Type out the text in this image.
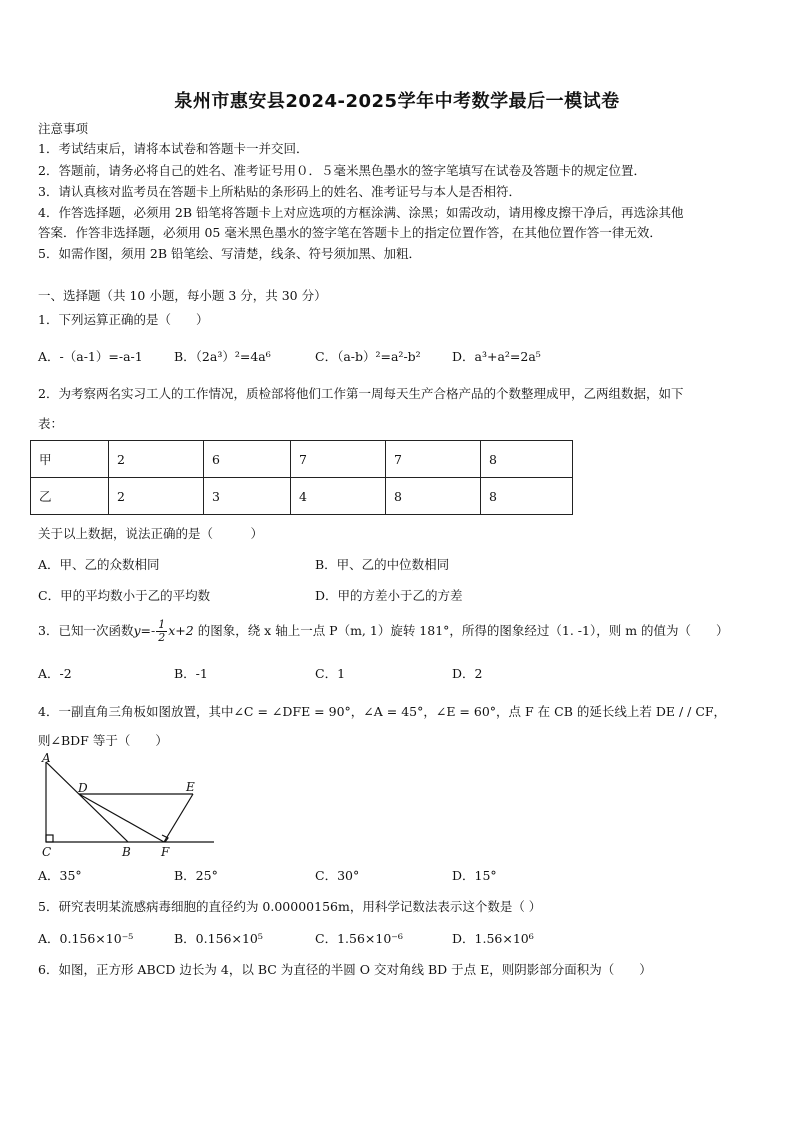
泉州市惠安县2024-2025学年中考数学最后一模试卷
注意事项
1．考试结束后，请将本试卷和答题卡一并交回．
2．答题前，请务必将自己的姓名、准考证号用０．５毫米黑色墨水的签字笔填写在试卷及答题卡的规定位置．
3．请认真核对监考员在答题卡上所粘贴的条形码上的姓名、准考证号与本人是否相符．
4．作答选择题，必须用 2B 铅笔将答题卡上对应选项的方框涂满、涂黑；如需改动，请用橡皮擦干净后，再选涂其他
答案．作答非选择题，必须用 05 毫米黑色墨水的签字笔在答题卡上的指定位置作答，在其他位置作答一律无效．
5．如需作图，须用 2B 铅笔绘、写清楚，线条、符号须加黑、加粗．
一、选择题（共 10 小题，每小题 3 分，共 30 分）
1．下列运算正确的是（　　）
A．-（a-1）=-a-1	B．（2a³）²=4a⁶	C．（a-b）²=a²-b²	D．a³+a²=2a⁵
2．为考察两名实习工人的工作情况，质检部将他们工作第一周每天生产合格产品的个数整理成甲，乙两组数据，如下
表：
甲	2	6	7	7	8
乙	2	3	4	8	8
关于以上数据，说法正确的是（　　　）
A．甲、乙的众数相同	B．甲、乙的中位数相同
C．甲的平均数小于乙的平均数	D．甲的方差小于乙的方差
3．已知一次函数$y=- \frac{1}{2} x+2$ 的图象，绕 x 轴上一点 P（m, 1）旋转 181°，所得的图象经过（1. -1），则 m 的值为（　　）
A．-2	B．-1	C．1	D．2
4．一副直角三角板如图放置，其中∠C = ∠DFE = 90°，∠A = 45°，∠E = 60°，点 F 在 CB 的延长线上若 DE / / CF，
则∠BDF 等于（　　）
A
C	B
D	E
F
A．35°	B．25°	C．30°	D．15°
5．研究表明某流感病毒细胞的直径约为 0.00000156m，用科学记数法表示这个数是（ ）
A．0.156×10⁻⁵	B．0.156×10⁵	C．1.56×10⁻⁶	D．1.56×10⁶
6．如图，正方形 ABCD 边长为 4，以 BC 为直径的半圆 O 交对角线 BD 于点 E，则阴影部分面积为（　　）
